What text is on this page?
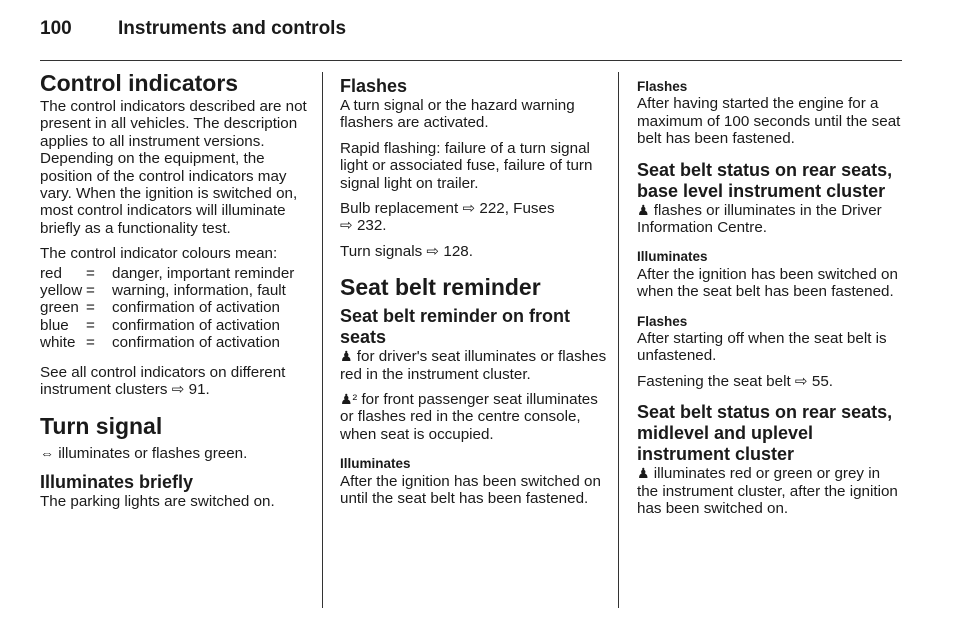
100 Instruments and controls
Control indicators

The control indicators described are not present in all vehicles. The description applies to all instrument versions. Depending on the equipment, the position of the control indicators may vary. When the ignition is switched on, most control indicators will illuminate briefly as a functionality test.

The control indicator colours mean:

red	=	danger, important reminder
yellow =	warning, information, fault
green =	confirmation of activation
blue	=	confirmation of activation
white =	confirmation of activation

See all control indicators on different instrument clusters ⇨ 91.

Turn signal

⇔ illuminates or flashes green.

Illuminates briefly

The parking lights are switched on.

Flashes

A turn signal or the hazard warning flashers are activated.

Rapid flashing: failure of a turn signal light or associated fuse, failure of turn signal light on trailer.

Bulb replacement ⇨ 222, Fuses
⇨ 232.

Turn signals ⇨ 128.

Seat belt reminder
Seat belt reminder on front seats

♟ for driver's seat illuminates or flashes red in the instrument cluster.

♟² for front passenger seat illuminates or flashes red in the centre console, when seat is occupied.

Illuminates

After the ignition has been switched on until the seat belt has been fastened.

Flashes

After having started the engine for a maximum of 100 seconds until the seat belt has been fastened.

Seat belt status on rear seats, base level instrument cluster

♟ flashes or illuminates in the Driver Information Centre.

Illuminates

After the ignition has been switched on when the seat belt has been fastened.

Flashes

After starting off when the seat belt is unfastened.

Fastening the seat belt ⇨ 55.

Seat belt status on rear seats, midlevel and uplevel instrument cluster

♟ illuminates red or green or grey in the instrument cluster, after the ignition has been switched on.
